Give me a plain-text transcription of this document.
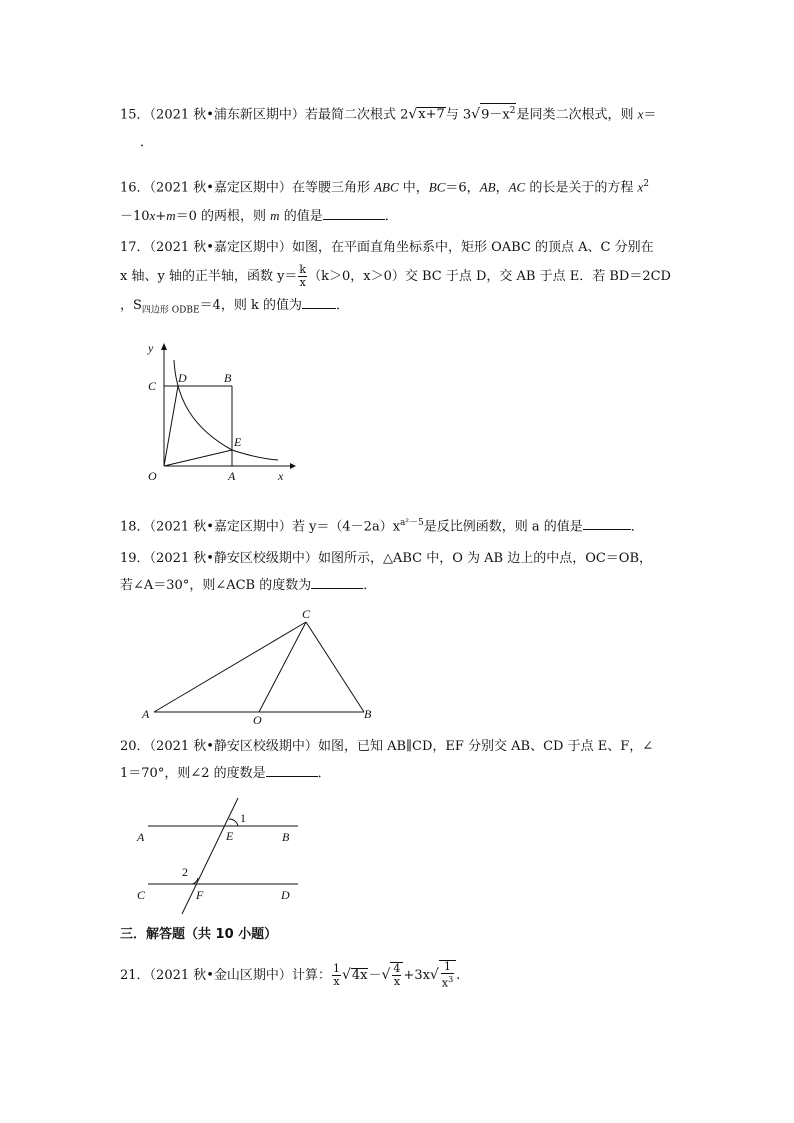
15．（2021 秋•浦东新区期中）若最简二次根式 2√x+7与 $3√9-x^2$是同类二次根式，则 x＝
．
16．（2021 秋•嘉定区期中）在等腰三角形 ABC 中，BC＝6，AB，AC 的长是关于的方程 $x^2$
－10x+m＝0 的两根，则 m 的值是	．
17．（2021 秋•嘉定区期中）如图，在平面直角坐标系中，矩形 OABC 的顶点 A、C 分别在
x 轴、y 轴的正半轴，函数 $y= \frac{k}{x} (k>0$，x＞0）交 BC 于点 D，交 AB 于点 E．若 BD＝2CD
，$S_{四边形 ODBE}=4$，则 k 的值为	．
y
x
C
D	B
E
O	A
18．（2021 秋•嘉定区期中）若 $y=(4-2a)x^{a^2-5}$是反比例函数，则 a 的值是	．
19．（2021 秋•静安区校级期中）如图所示，△ABC 中，O 为 AB 边上的中点，OC＝OB，
若∠A＝30°，则∠ACB 的度数为	．
A	O	B
C
20．（2021 秋•静安区校级期中）如图，已知 AB∥CD，EF 分别交 AB、CD 于点 E、F，∠
1＝70°，则∠2 的度数是	．
A	E	B
C	F	D
1
2
三．解答题（共 10 小题）
21．（2021 秋•金山区期中）计算： $\frac{1}{x} √4x-√ \frac{4}{x} +3x√ \frac{1}{x^3}$ .
